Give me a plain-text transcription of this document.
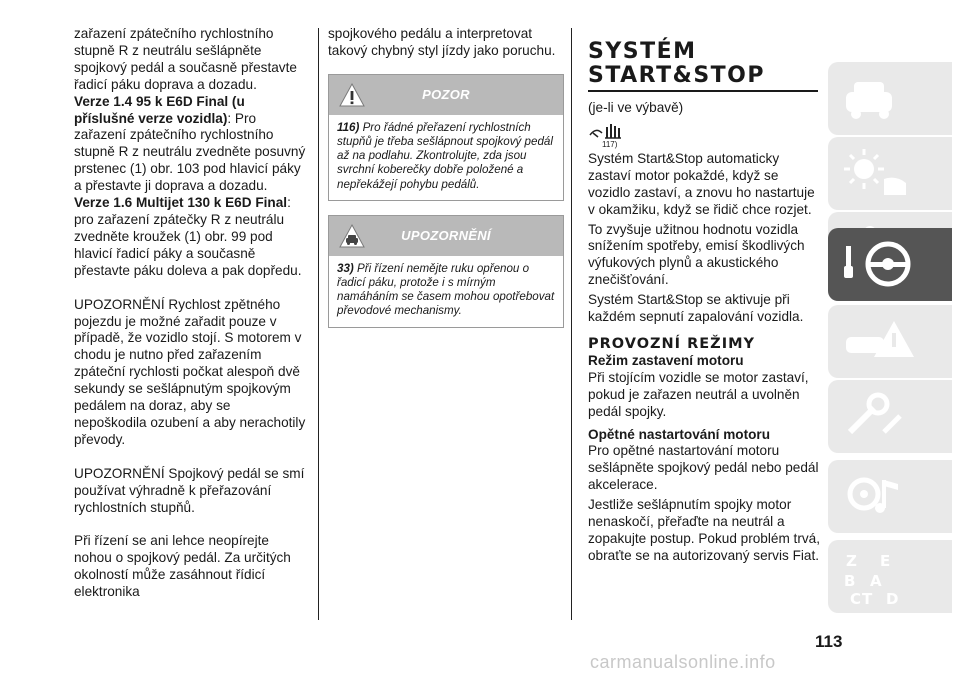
zařazení zpátečního rychlostního stupně R z neutrálu sešlápněte spojkový pedál a současně přestavte řadicí páku doprava a dozadu.

Verze 1.4 95 k E6D Final (u příslušné verze vozidla): Pro zařazení zpátečního rychlostního stupně R z neutrálu zvedněte posuvný prstenec (1) obr. 103 pod hlavicí páky a přestavte ji doprava a dozadu.

Verze 1.6 Multijet 130 k E6D Final: pro zařazení zpátečky R z neutrálu zvedněte kroužek (1) obr. 99 pod hlavicí řadicí páky a současně přestavte páku doleva a pak dopředu.

UPOZORNĚNÍ Rychlost zpětného pojezdu je možné zařadit pouze v případě, že vozidlo stojí. S motorem v chodu je nutno před zařazením zpáteční rychlosti počkat alespoň dvě sekundy se sešlápnutým spojkovým pedálem na doraz, aby se nepoškodila ozubení a aby nerachotily převody.

UPOZORNĚNÍ Spojkový pedál se smí používat výhradně k přeřazování rychlostních stupňů.

Při řízení se ani lehce neopírejte nohou o spojkový pedál. Za určitých okolností může zasáhnout řídicí elektronika

spojkového pedálu a interpretovat takový chybný styl jízdy jako poruchu.

POZOR
116) Pro řádné přeřazení rychlostních stupňů je třeba sešlápnout spojkový pedál až na podlahu. Zkontrolujte, zda jsou svrchní koberečky dobře položené a nepřekážejí pohybu pedálů.
UPOZORNĚNÍ
33) Při řízení nemějte ruku opřenou o řadicí páku, protože i s mírným namáháním se časem mohou opotřebovat převodové mechanismy.
SYSTÉM
START&STOP

(je-li ve výbavě)

117)

Systém Start&Stop automaticky zastaví motor pokaždé, když se vozidlo zastaví, a znovu ho nastartuje v okamžiku, když se řidič chce rozjet.

To zvyšuje užitnou hodnotu vozidla snížením spotřeby, emisí škodlivých výfukových plynů a akustického znečišťování.

Systém Start&Stop se aktivuje při každém sepnutí zapalování vozidla.

PROVOZNÍ REŽIMY

Režim zastavení motoru

Při stojícím vozidle se motor zastaví, pokud je zařazen neutrál a uvolněn pedál spojky.

Opětné nastartování motoru

Pro opětné nastartování motoru sešlápněte spojkový pedál nebo pedál akcelerace.

Jestliže sešlápnutím spojky motor nenaskočí, přeřaďte na neutrál a zopakujte postup. Pokud problém trvá, obraťte se na autorizovaný servis Fiat. Z E
B A
C T D
113
carmanualsonline.info
